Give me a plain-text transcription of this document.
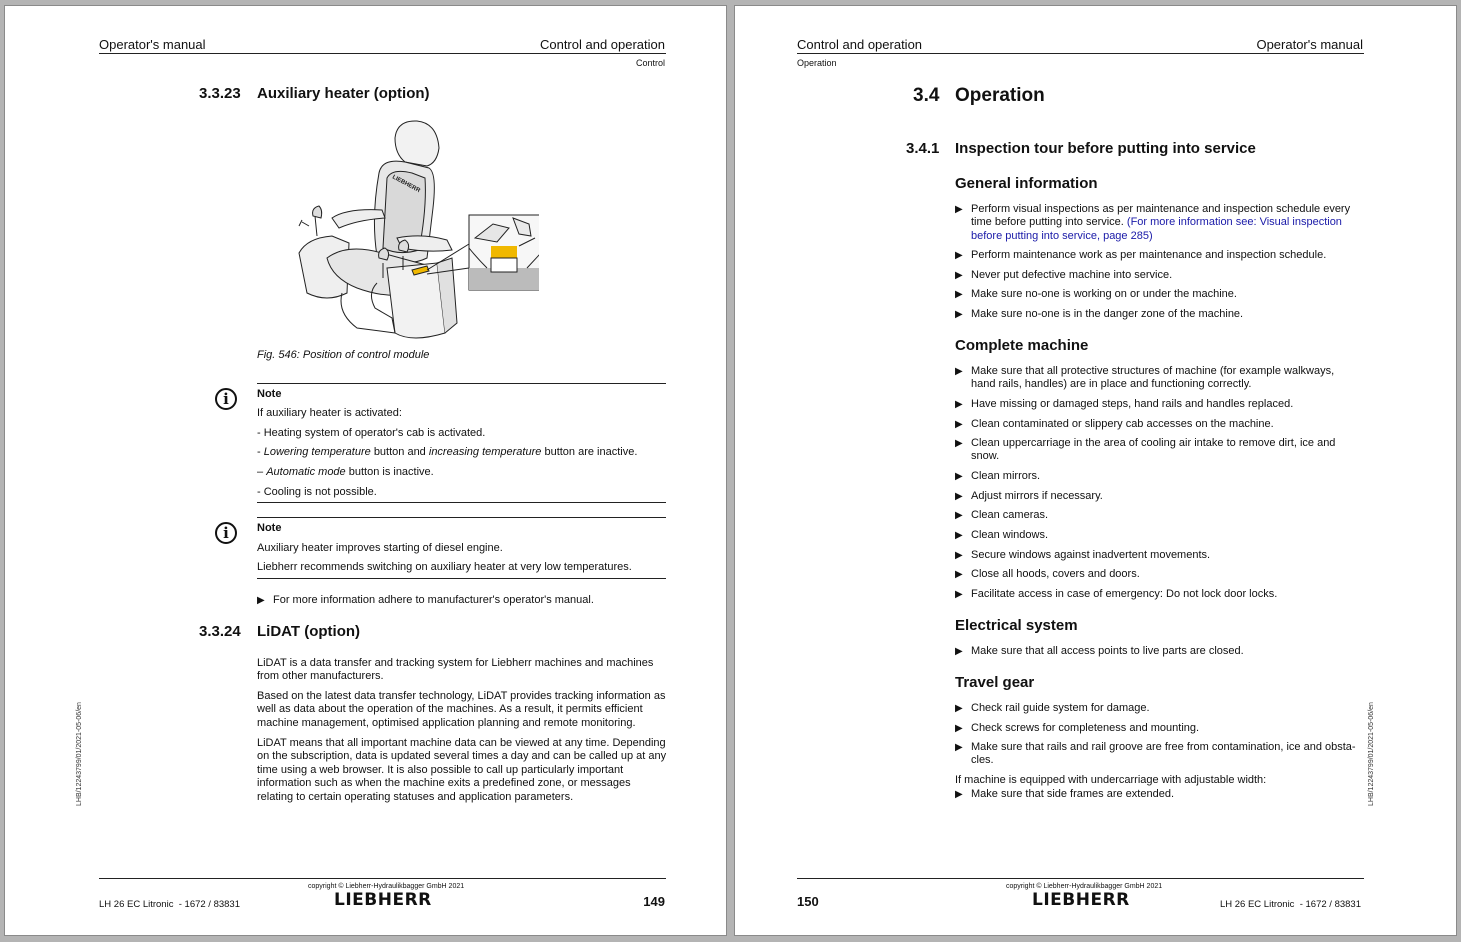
Operator's manual	Control and operation
Control
3.3.23 Auxiliary heater (option)
LIEBHERR
Fig. 546: Position of control module
i	Note
If auxiliary heater is activated:
- Heating system of operator's cab is activated.
- Lowering temperature button and increasing temperature button are inactive.
– Automatic mode button is inactive.
- Cooling is not possible.
i	Note
Auxiliary heater improves starting of diesel engine.
Liebherr recommends switching on auxiliary heater at very low temperatures.
▶ For more information adhere to manufacturer's operator's manual.
3.3.24 LiDAT (option)
LiDAT is a data transfer and tracking system for Liebherr machines and machines from other manufacturers.
Based on the latest data transfer technology, LiDAT provides tracking information as well as data about the operation of the machines. As a result, it permits efficient machine management, optimised application planning and remote monitoring.
LiDAT means that all important machine data can be viewed at any time. Depending on the subscription, data is updated several times a day and can be called up at any time using a web browser. It is also possible to call up particularly important information such as when the machine exits a predefined zone, or messages relating to certain operating statuses and application parameters.
LHB/12243799/01/2021-05-06/en
copyright © Liebherr-Hydraulikbagger GmbH 2021
LIEBHERR
LH 26 EC Litronic  - 1672 / 83831	149
Control and operation	Operator's manual
Operation
3.4 Operation
3.4.1 Inspection tour before putting into service
General information
▶ Perform visual inspections as per maintenance and inspection schedule every time before putting into service. (For more information see: Visual inspection before putting into service, page 285)
▶ Perform maintenance work as per maintenance and inspection schedule.
▶ Never put defective machine into service.
▶ Make sure no-one is working on or under the machine.
▶ Make sure no-one is in the danger zone of the machine.
Complete machine
▶ Make sure that all protective structures of machine (for example walkways, hand rails, handles) are in place and functioning correctly.
▶ Have missing or damaged steps, hand rails and handles replaced.
▶ Clean contaminated or slippery cab accesses on the machine.
▶ Clean uppercarriage in the area of cooling air intake to remove dirt, ice and snow.
▶ Clean mirrors.
▶ Adjust mirrors if necessary.
▶ Clean cameras.
▶ Clean windows.
▶ Secure windows against inadvertent movements.
▶ Close all hoods, covers and doors.
▶ Facilitate access in case of emergency: Do not lock door locks.
Electrical system
▶ Make sure that all access points to live parts are closed.
Travel gear
▶ Check rail guide system for damage.
▶ Check screws for completeness and mounting.
▶ Make sure that rails and rail groove are free from contamination, ice and obsta-cles.
If machine is equipped with undercarriage with adjustable width:
▶ Make sure that side frames are extended.	LHB/12243799/01/2021-05-06/en
copyright © Liebherr-Hydraulikbagger GmbH 2021
LIEBHERR
150	LH 26 EC Litronic  - 1672 / 83831
